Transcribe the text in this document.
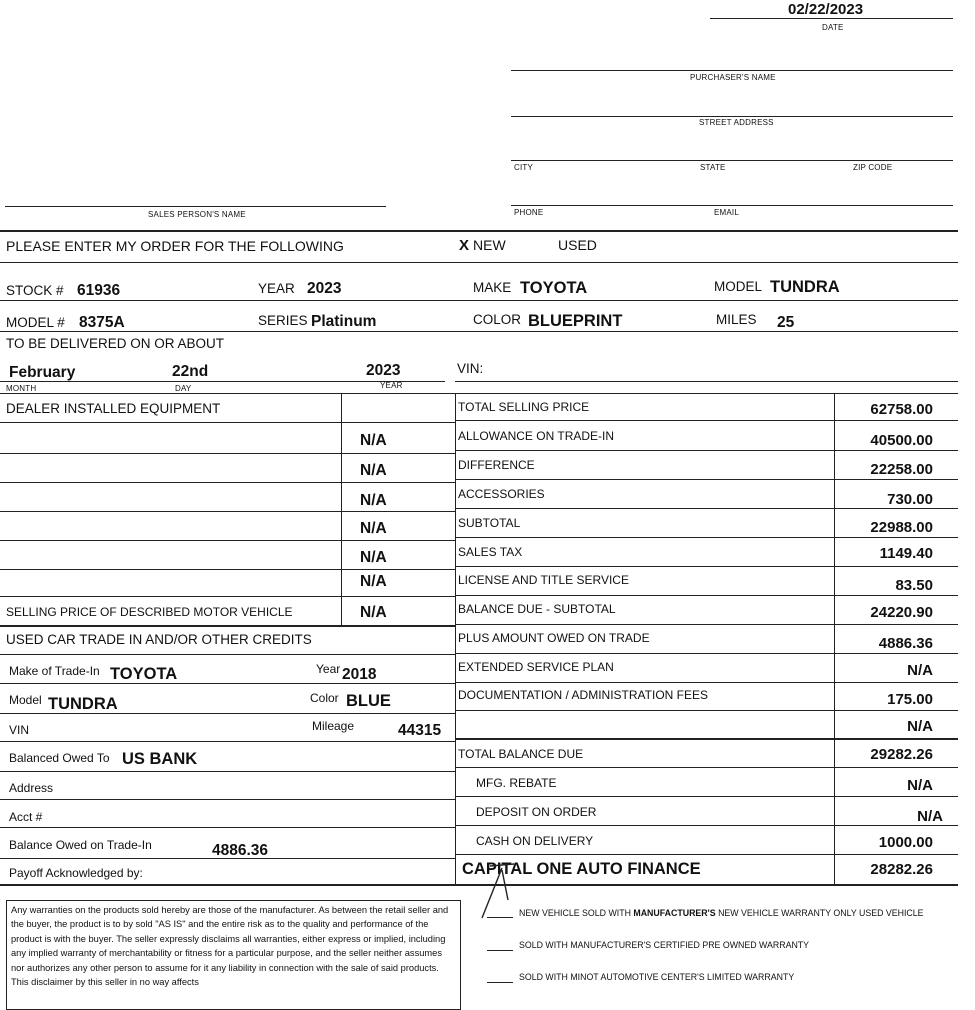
02/22/2023
DATE
PURCHASER'S NAME
STREET ADDRESS
CITY	STATE	ZIP CODE
PHONE	EMAIL
SALES PERSON'S NAME
PLEASE ENTER MY ORDER FOR THE FOLLOWING	X NEW	USED
STOCK # 61936	YEAR 2023	MAKE TOYOTA	MODEL TUNDRA
MODEL # 8375A	SERIES Platinum	COLOR BLUEPRINT	MILES 25
TO BE DELIVERED ON OR ABOUT
February	22nd	2023
MONTH	DAY	YEAR
VIN:
DEALER INSTALLED EQUIPMENT
N/A
N/A
N/A
N/A
N/A
N/A
SELLING PRICE OF DESCRIBED MOTOR VEHICLE	N/A
USED CAR TRADE IN AND/OR OTHER CREDITS
Make of Trade-In TOYOTA	Year 2018
Model TUNDRA	Color BLUE
VIN	Mileage	44315
Balanced Owed To US BANK
Address
Acct #
Balance Owed on Trade-In	4886.36
Payoff Acknowledged by:
TOTAL SELLING PRICE	62758.00
ALLOWANCE ON TRADE-IN	40500.00
DIFFERENCE	22258.00
ACCESSORIES	730.00
SUBTOTAL	22988.00
SALES TAX	1149.40
LICENSE AND TITLE SERVICE	83.50
BALANCE DUE - SUBTOTAL	24220.90
PLUS AMOUNT OWED ON TRADE	4886.36
EXTENDED SERVICE PLAN	N/A
DOCUMENTATION / ADMINISTRATION FEES	175.00
N/A
TOTAL BALANCE DUE	29282.26
MFG. REBATE	N/A
DEPOSIT ON ORDER	N/A
CASH ON DELIVERY	1000.00
CAPITAL ONE AUTO FINANCE	28282.26
Any warranties on the products sold hereby are those of the manufacturer. As between the retail seller and the buyer, the product is to by sold "AS IS" and the entire risk as to the quality and performance of the product is with the buyer. The seller expressly disclaims all warranties, either express or implied, including any implied warranty of merchantability or fitness for a particular purpose, and the seller neither assumes nor authorizes any other person to assume for it any liability in connection with the sale of said products. This disclaimer by this seller in no way affects
NEW VEHICLE SOLD WITH MANUFACTURER'S NEW VEHICLE WARRANTY ONLY USED VEHICLE
SOLD WITH MANUFACTURER'S CERTIFIED PRE OWNED WARRANTY
SOLD WITH MINOT AUTOMOTIVE CENTER'S LIMITED WARRANTY
